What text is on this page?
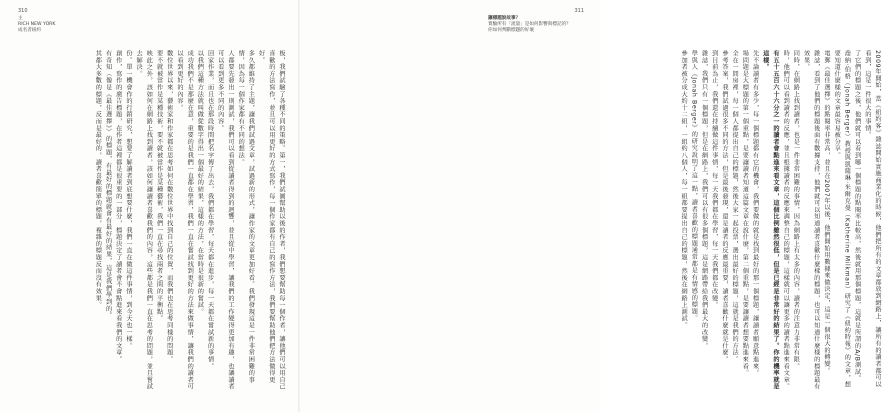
310
主
RICH NEW YORK
成名者紐約

板，我們試驗了各種不同的策略。第一，我們試圖幫助以後的作者，我們想要幫助每一個作者，讓他們可以用自己喜歡的方法寫作，並且可以用更好的方式寫作，每一個作家都有自己的寫作方法，我們要幫助他們把方法做得更好。

多久都維持了主題，讓我們試過文章，試過新的形式，讓作家的文章更加好看。我們發現這是一件非常困難的事情，因為每一個作家都有不同的想法。

人都要先發出一則測試，我們可以看到從讀者得到的迴響，並且從中學習，讓我們的工作變得更加有趣，也讓讀者可以看到更多不同的內容。

回家作業，而且也在那段時間把名字傳了出去，我們都在學習，每天都在進步，每一天都在嘗試新的事情。

以我們這種方法就叫做從數字得出一個最好的結果，這樣的方法，在當時是很新的嘗試。

成功我們不是那麼在意，重要的是我們一直都在學習，我們一直在嘗試找到更好的方法來做事情，讓我們的讀者可以看到更好的內容。

數位世界以來，藝術家和作家都在思考如何在數位世界中找到自己的位置，而我們也在思考同樣的問題。

要不就被當作是某種技術，要不就被當作是某種藝術，我們一直在尋找兩者之間的平衡點。

映此之外，該如何在網路上找到讀者，該如何讓讀者喜歡我們的內容，這些都是我們一直在思考的問題，並且嘗試去解決。

份。單一機會作的行銷研究，想要了解讀者到底想要什麼，我們一直在做這件事情，到今天也一樣。

創作，寫作的廣告標題，在作者這裡都是很重要的一部分，標題決定了讀者會不會點進來看我們的文章。

有奇知（像是《最佳選擇》）的標題，有最好的標題就會有最好的結果，這是我們學到的。

其都大多數的標題，反而是最好的，讀者喜歡簡單的標題，複雜的標題反而沒有效果。

311
讓標題說故事？
實驗所有「流量」是如何影響與標記的？
你如何判斷標題的好壞

2009年開始，當《紐約客》雜誌開始實施商業化的時候，他們把所有的文章都放到網路上，讓所有的讀者都可以看到，這是一件很大的事情。

了它們的標題之後，他們就可以看到哪一個標題的點閱率比較高，然後就用那個標題，這就是所謂的A/B測試。

喬納‧伯格（Jonah Berger）教授與凱薩琳‧米爾克曼（Katherine Milkman）研究了《紐約時報》的文章，想要知道什麼樣的文章最容易被分享。

電郵《最佳選擇》的點閱率非常高，並且在2007年以後，他們開始用數據來做決定，這是一個很大的轉變。

雜誌，看到了他們的標題後面有數據支持，他們就可以知道讀者喜歡什麼樣的標題，也可以知道什麼樣的標題最有效果。

同時，在網路上找到讀者，也是一件非常困難的事情，因為網路上有太多的內容，讀者的注意力非常有限。

時，他們可以看到讀者的反應，並且根據讀者的反應來調整自己的標題，這樣就可以讓更多的讀者點進來看文章。

有五十五百六十六分之一的讀者會點進來看文章，這個比例雖然很低，但是已經是非常好的結果了。你的機率就是這樣。

先不論讀者有多少，每一個標題都有它的機會，我們要做的就是找到最好的那一個標題，讓讀者願意點進來。

場問題是大標題的第一個重點，是要讓讀者知道這篇文章在說什麼，第二個重點，是要讓讀者想要點進來看。

全在一間房裡，每一個人都提出自己的標題，然後大家一起投票，選出最好的標題，這就是我們的方法。

參考答案，我們試過很多不同的方法，但是最後發現，還是讀者的反應最重要，讀者喜歡什麼就是什麼。

到目前為止，我們還在持續做這件事情，每一天我們都在學習，每一天我們都在改變。

雜誌，我們只有一個標題，但是在網路上，我們可以有很多個標題，這是網路帶給我們最大的改變。

學與人《Jonah Berger》的研究說明了這一點，讀者喜歡的標題通常都是有情感的標題。

參加者被分成大約十二組，一組約八個人，每一組都要提出自己的標題，然後在網路上測試。
